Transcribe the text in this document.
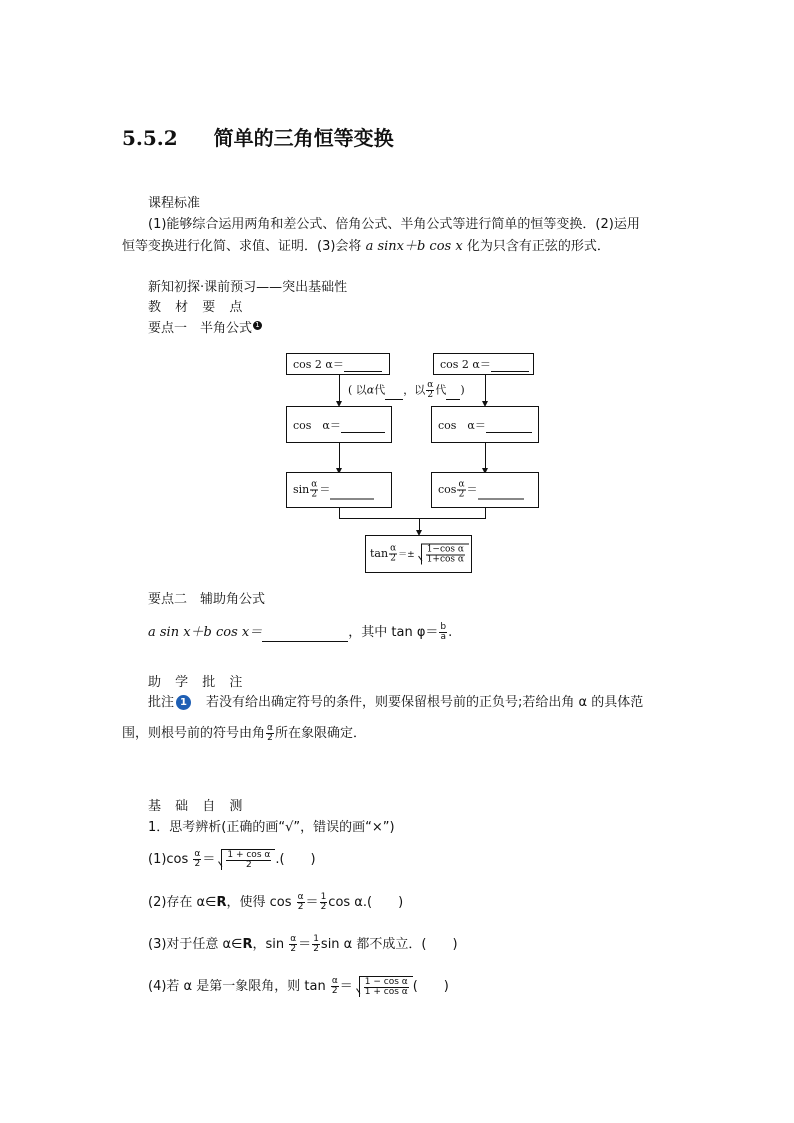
5.5.2 简单的三角恒等变换
课程标准
(1)能够综合运用两角和差公式、倍角公式、半角公式等进行简单的恒等变换．(2)运用
恒等变换进行化简、求值、证明．(3)会将 a sinx＋b cos x 化为只含有正弦的形式．
新知初探·课前预习——突出基础性
教 材 要 点
要点一　半角公式 1
cos 2 α＝	cos 2 α＝
( 以α代 ，以 $\frac{\alpha}{2}$ 代 )
cos　α＝	cos　α＝
$\sin \frac{\alpha}{2}$ ＝	$\cos \frac{\alpha}{2}$ ＝
$\tan \frac{\alpha}{2} =\pm \frac{\text{1−cos α}}{\text{1+cos α}}$
要点二　辅助角公式
a sin x＋b cos x＝	，其中 $\tan \varphi= \frac{b}{a}$ .
助 学 批 注
批注 1　若没有给出确定符号的条件，则要保留根号前的正负号;若给出角 α 的具体范
围，则根号前的符号由角 $\frac{\alpha}{2}$ 所在象限确定．
基 础 自 测
1．思考辨析(正确的画“√”，错误的画“×”)
$(1)\cos \frac{\alpha}{2} = \frac{\text{1 + cos α}}{2}$ .(　　)
(2)存在 α∈R，使得 $\cos \frac{\alpha}{2} = \frac{1}{2}$ cos α.(　　)
(3)对于任意 α∈R，$\sin \frac{\alpha}{2} = \frac{1}{2}$ sin α 都不成立．(　　)
(4)若 α 是第一象限角，则 $\tan \frac{\alpha}{2} = \frac{\text{1 − cos α}}{\text{1 + cos α}}$ (　　)
